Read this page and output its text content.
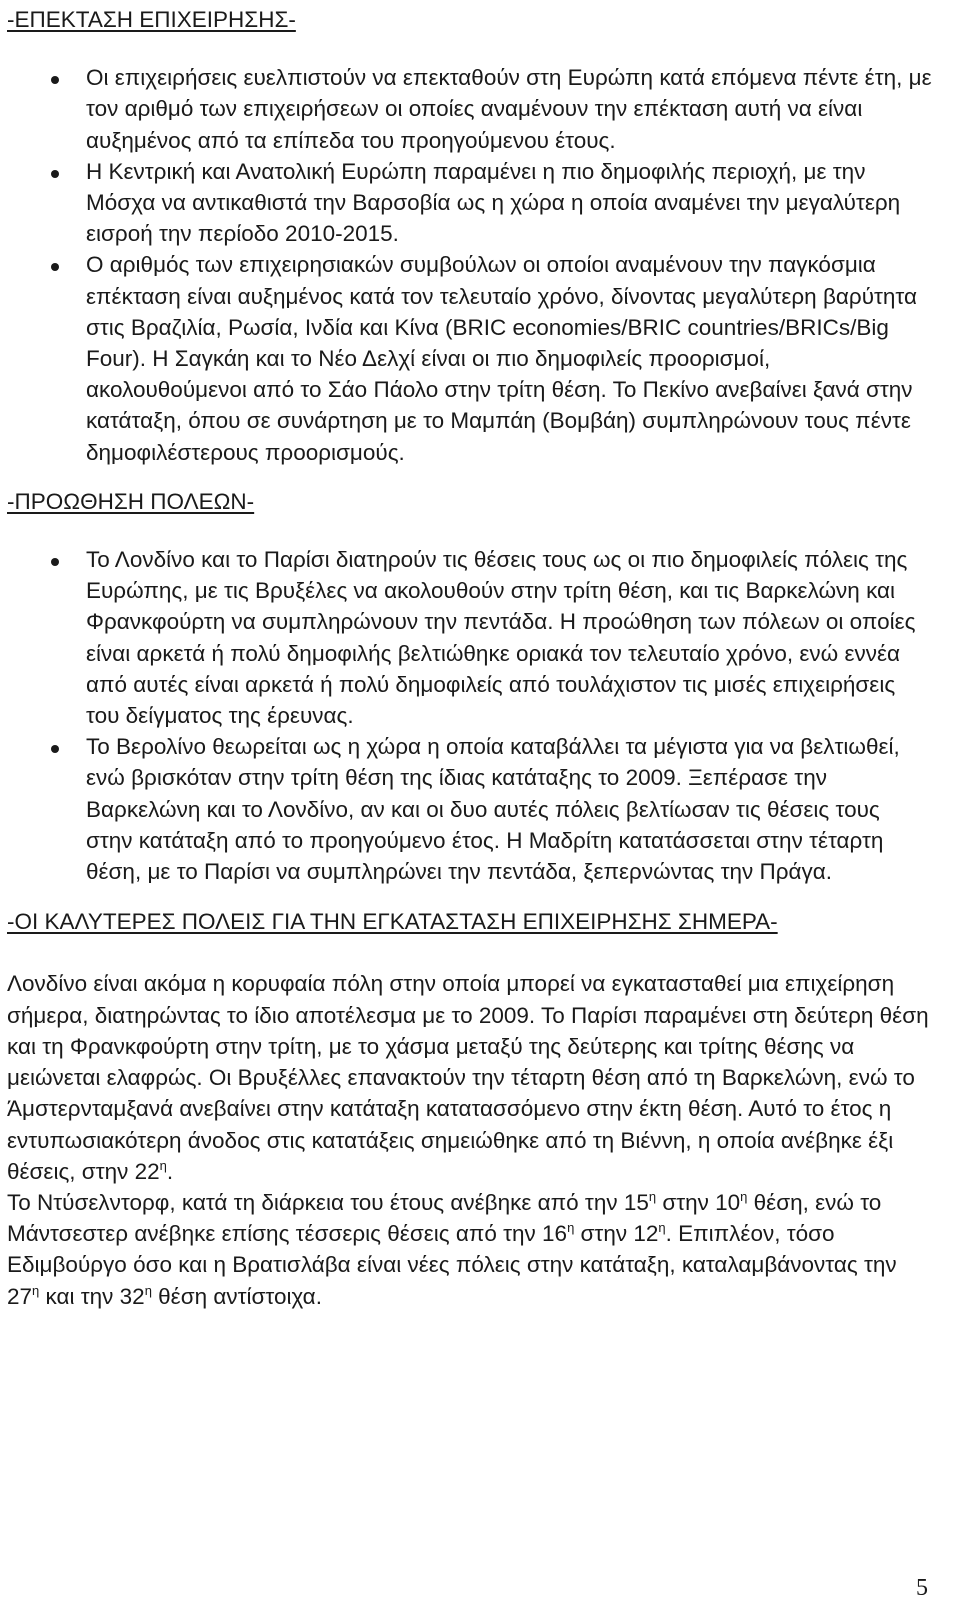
-ΕΠΕΚΤΑΣΗ ΕΠΙΧΕΙΡΗΣΗΣ-
Οι επιχειρήσεις ευελπιστούν να επεκταθούν στη Ευρώπη κατά επόμενα πέντε έτη, με τον αριθμό των επιχειρήσεων οι οποίες αναμένουν την επέκταση αυτή να είναι αυξημένος από τα επίπεδα του προηγούμενου έτους.
Η Κεντρική και Ανατολική Ευρώπη παραμένει η πιο δημοφιλής περιοχή, με την Μόσχα να αντικαθιστά την Βαρσοβία ως η χώρα η οποία αναμένει την μεγαλύτερη εισροή την περίοδο 2010-2015.
Ο αριθμός των επιχειρησιακών συμβούλων οι οποίοι αναμένουν την παγκόσμια επέκταση είναι αυξημένος κατά τον τελευταίο χρόνο, δίνοντας μεγαλύτερη βαρύτητα στις Βραζιλία, Ρωσία, Ινδία και Κίνα (BRIC economies/BRIC countries/BRICs/Big Four). Η Σαγκάη και το Νέο Δελχί είναι οι πιο δημοφιλείς προορισμοί, ακολουθούμενοι από το Σάο Πάολο στην τρίτη θέση. Το Πεκίνο ανεβαίνει ξανά στην κατάταξη, όπου σε συνάρτηση με το Μαμπάη (Βομβάη) συμπληρώνουν τους πέντε δημοφιλέστερους προορισμούς.
-ΠΡΟΩΘΗΣΗ ΠΟΛΕΩΝ-
Το Λονδίνο και το Παρίσι διατηρούν τις θέσεις τους ως οι πιο δημοφιλείς πόλεις της Ευρώπης, με τις Βρυξέλες να ακολουθούν στην τρίτη θέση, και τις Βαρκελώνη και Φρανκφούρτη να συμπληρώνουν την πεντάδα. Η προώθηση των πόλεων οι οποίες είναι αρκετά ή πολύ δημοφιλής βελτιώθηκε οριακά τον τελευταίο χρόνο, ενώ εννέα από αυτές είναι αρκετά ή πολύ δημοφιλείς από τουλάχιστον τις μισές επιχειρήσεις του δείγματος της έρευνας.
Το Βερολίνο θεωρείται ως η χώρα η οποία καταβάλλει τα μέγιστα για να βελτιωθεί, ενώ βρισκόταν στην τρίτη θέση της ίδιας κατάταξης το 2009. Ξεπέρασε την Βαρκελώνη και το Λονδίνο, αν και οι δυο αυτές πόλεις βελτίωσαν τις θέσεις τους στην κατάταξη από το προηγούμενο έτος. Η Μαδρίτη κατατάσσεται στην τέταρτη θέση, με το Παρίσι να συμπληρώνει την πεντάδα, ξεπερνώντας την Πράγα.
-ΟΙ ΚΑΛΥΤΕΡΕΣ ΠΟΛΕΙΣ ΓΙΑ ΤΗΝ ΕΓΚΑΤΑΣΤΑΣΗ ΕΠΙΧΕΙΡΗΣΗΣ ΣΗΜΕΡΑ-

Λονδίνο είναι ακόμα η κορυφαία πόλη στην οποία μπορεί να εγκατασταθεί μια επιχείρηση σήμερα, διατηρώντας το ίδιο αποτέλεσμα με το 2009. Το Παρίσι παραμένει στη δεύτερη θέση και τη Φρανκφούρτη στην τρίτη, με το χάσμα μεταξύ της δεύτερης και τρίτης θέσης να μειώνεται ελαφρώς. Οι Βρυξέλλες επανακτούν την τέταρτη θέση από τη Βαρκελώνη, ενώ το Άμστερνταμξανά ανεβαίνει στην κατάταξη κατατασσόμενο στην έκτη θέση. Αυτό το έτος η εντυπωσιακότερη άνοδος στις κατατάξεις σημειώθηκε από τη Βιέννη, η οποία ανέβηκε έξι θέσεις, στην $22^\eta$.

Το Ντύσελντορφ, κατά τη διάρκεια του έτους ανέβηκε από την $15^\eta$ στην $10^\eta$ θέση, ενώ το Μάντσεστερ ανέβηκε επίσης τέσσερις θέσεις από την $16^\eta$ στην $12^\eta$. Επιπλέον, τόσο Εδιμβούργο όσο και η Βρατισλάβα είναι νέες πόλεις στην κατάταξη, καταλαμβάνοντας την $27^\eta$ και την $32^\eta$ θέση αντίστοιχα.

5
